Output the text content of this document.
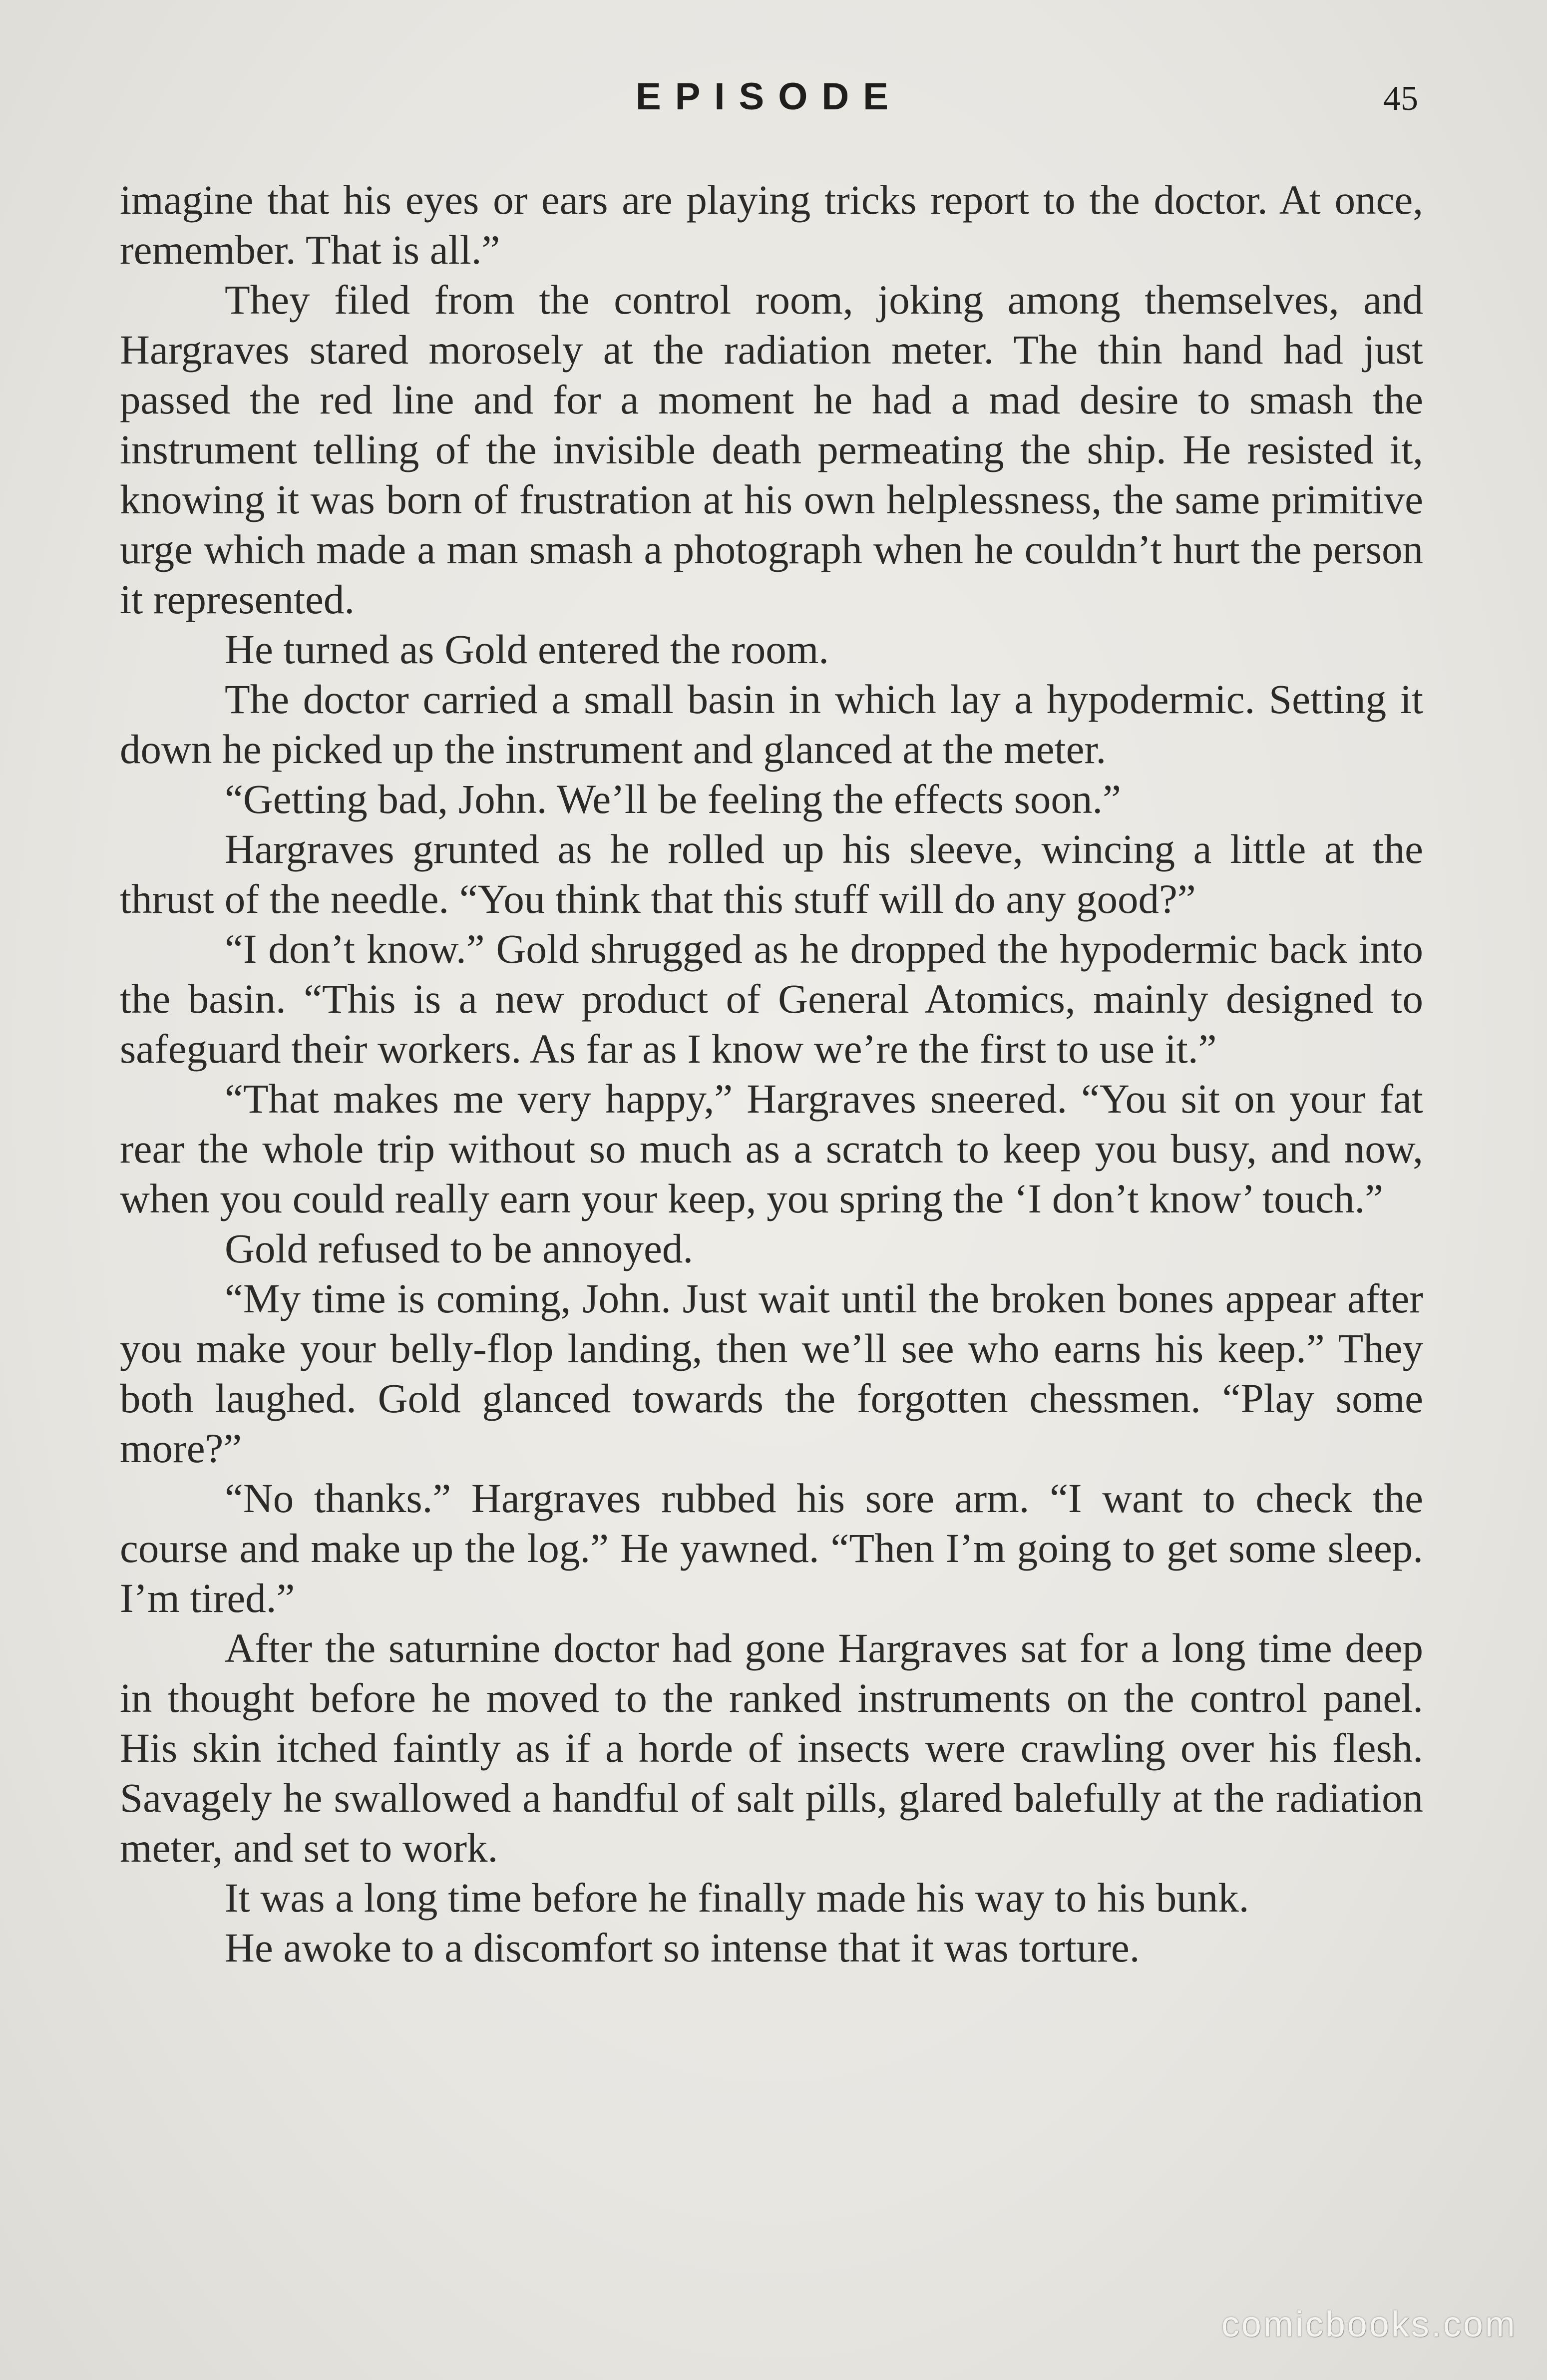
EPISODE	45

imagine that his eyes or ears are playing tricks report to the doctor. At once, remember. That is all.”

They filed from the control room, joking among themselves, and Hargraves stared morosely at the radiation meter. The thin hand had just passed the red line and for a moment he had a mad desire to smash the instrument telling of the invisible death permeating the ship. He resisted it, knowing it was born of frustration at his own helplessness, the same primitive urge which made a man smash a photograph when he couldn’t hurt the person it represented.

He turned as Gold entered the room.

The doctor carried a small basin in which lay a hypodermic. Setting it down he picked up the instrument and glanced at the meter.

“Getting bad, John. We’ll be feeling the effects soon.”

Hargraves grunted as he rolled up his sleeve, wincing a little at the thrust of the needle. “You think that this stuff will do any good?”

“I don’t know.” Gold shrugged as he dropped the hypodermic back into the basin. “This is a new product of General Atomics, mainly designed to safeguard their workers. As far as I know we’re the first to use it.”

“That makes me very happy,” Hargraves sneered. “You sit on your fat rear the whole trip without so much as a scratch to keep you busy, and now, when you could really earn your keep, you spring the ‘I don’t know’ touch.”

Gold refused to be annoyed.

“My time is coming, John. Just wait until the broken bones appear after you make your belly-flop landing, then we’ll see who earns his keep.” They both laughed. Gold glanced towards the forgotten chessmen. “Play some more?”

“No thanks.” Hargraves rubbed his sore arm. “I want to check the course and make up the log.” He yawned. “Then I’m going to get some sleep. I’m tired.”

After the saturnine doctor had gone Hargraves sat for a long time deep in thought before he moved to the ranked instruments on the control panel. His skin itched faintly as if a horde of insects were crawling over his flesh. Savagely he swallowed a handful of salt pills, glared balefully at the radiation meter, and set to work.

It was a long time before he finally made his way to his bunk.

He awoke to a discomfort so intense that it was torture.

comicbooks.com
